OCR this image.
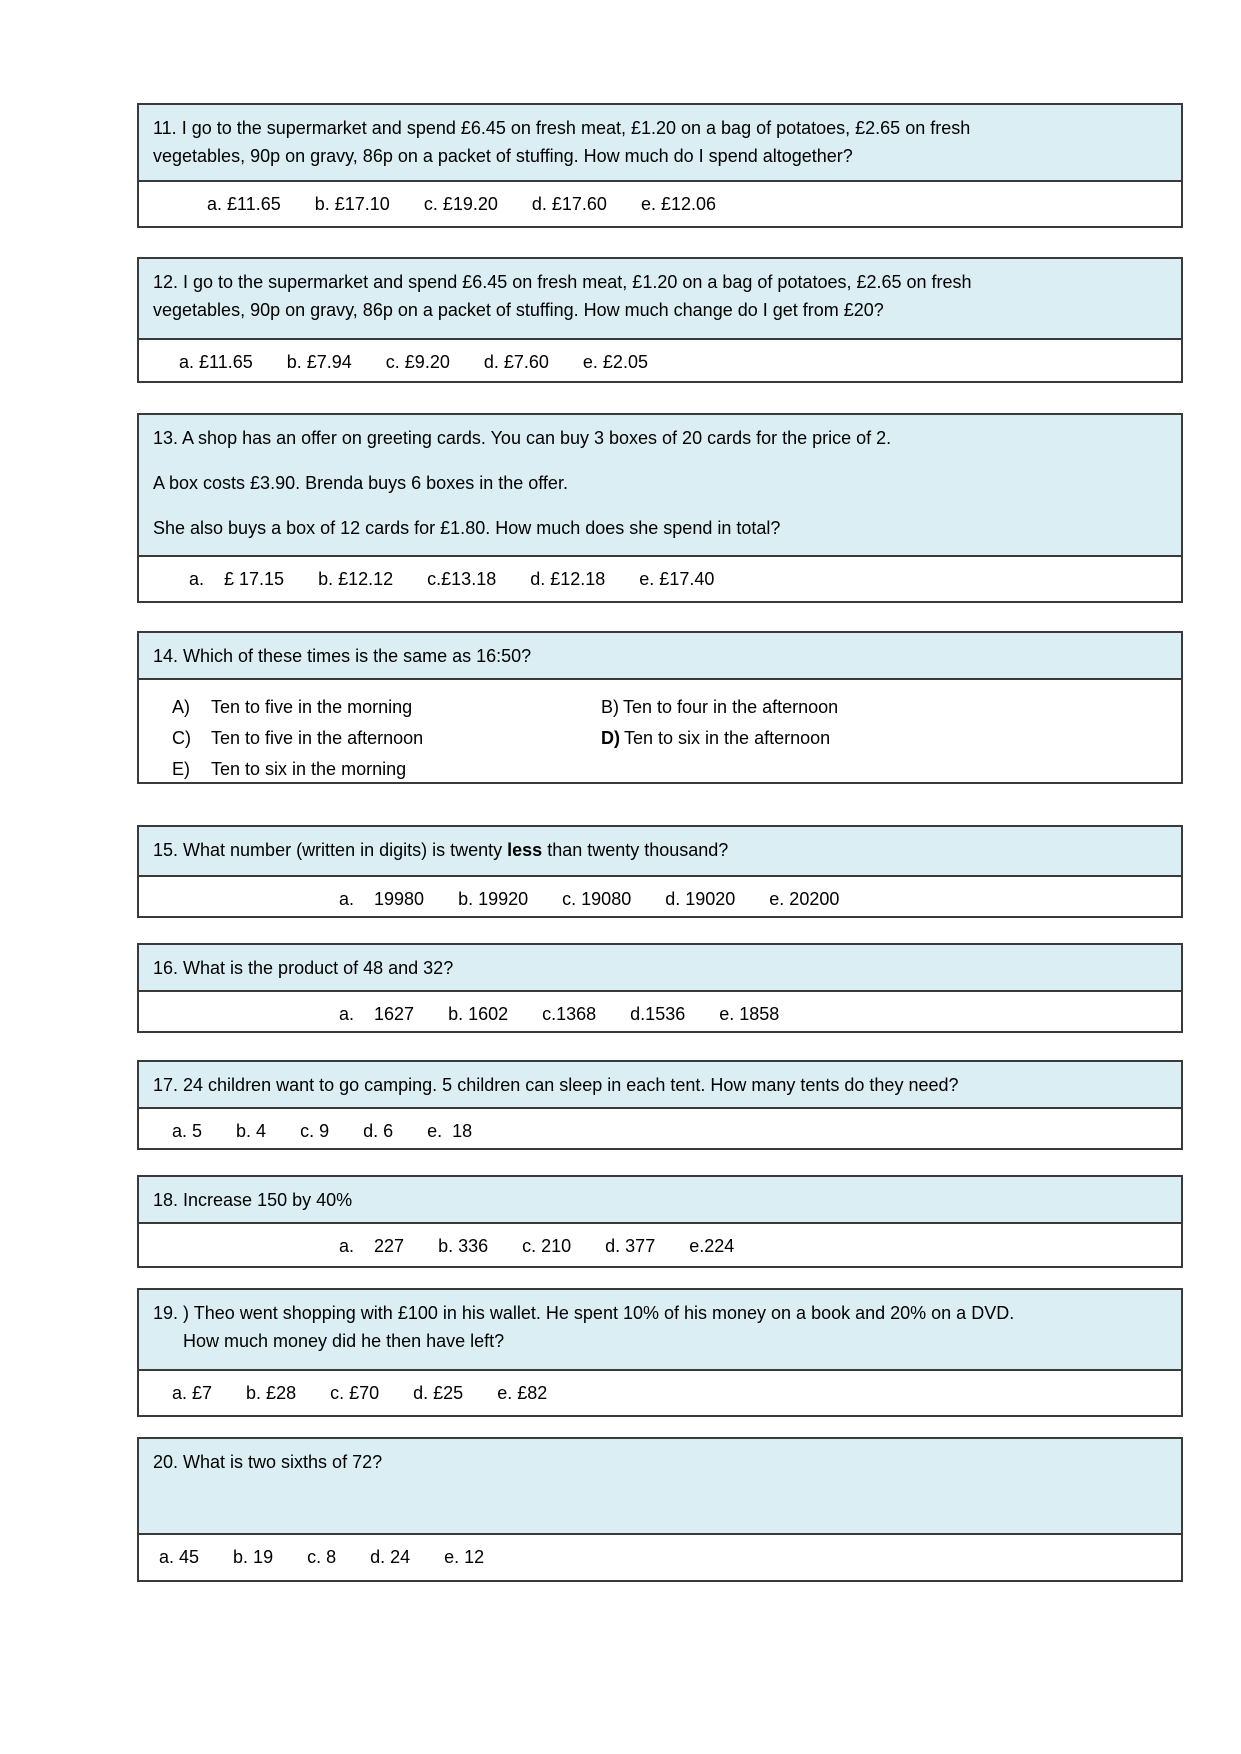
11. I go to the supermarket and spend £6.45 on fresh meat, £1.20 on a bag of potatoes, £2.65 on fresh
vegetables, 90p on gravy, 86p on a packet of stuffing. How much do I spend altogether?
a. £11.65 b. £17.10 c. £19.20 d. £17.60 e. £12.06
12. I go to the supermarket and spend £6.45 on fresh meat, £1.20 on a bag of potatoes, £2.65 on fresh
vegetables, 90p on gravy, 86p on a packet of stuffing. How much change do I get from £20?
a. £11.65 b. £7.94 c. £9.20 d. £7.60 e. £2.05
13. A shop has an offer on greeting cards. You can buy 3 boxes of 20 cards for the price of 2.
A box costs £3.90. Brenda buys 6 boxes in the offer.
She also buys a box of 12 cards for £1.80. How much does she spend in total?
a.    £ 17.15 b. £12.12 c.£13.18 d. £12.18 e. £17.40
14. Which of these times is the same as 16:50?
A)	Ten to five in the morning	B) Ten to four in the afternoon
C)	Ten to five in the afternoon	D) Ten to six in the afternoon
E)	Ten to six in the morning
15. What number (written in digits) is twenty less than twenty thousand?
a.    19980 b. 19920 c. 19080 d. 19020 e. 20200
16. What is the product of 48 and 32?
a.    1627 b. 1602 c.1368 d.1536 e. 1858
17. 24 children want to go camping. 5 children can sleep in each tent. How many tents do they need?
a. 5 b. 4 c. 9 d. 6 e.  18
18. Increase 150 by 40%
a.    227 b. 336 c. 210 d. 377 e.224
19. ) Theo went shopping with £100 in his wallet. He spent 10% of his money on a book and 20% on a DVD.
How much money did he then have left?
a. £7 b. £28 c. £70 d. £25 e. £82
20. What is two sixths of 72?
a. 45 b. 19 c. 8 d. 24 e. 12
